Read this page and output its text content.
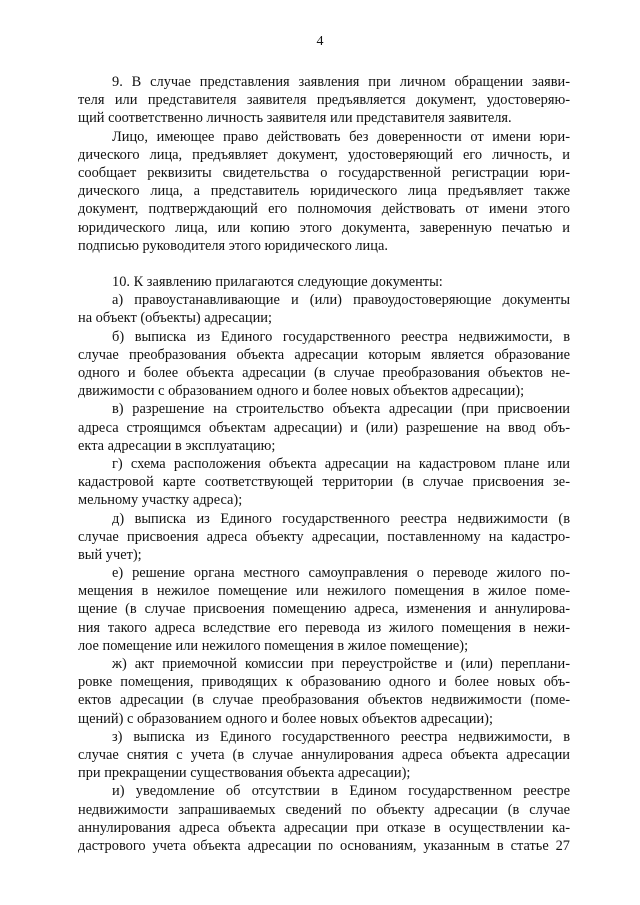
4
9. В случае представления заявления при личном обращении заяви-
теля или представителя заявителя предъявляется документ, удостоверяю-
щий соответственно личность заявителя или представителя заявителя.
Лицо, имеющее право действовать без доверенности от имени юри-
дического лица, предъявляет документ, удостоверяющий его личность, и
сообщает реквизиты свидетельства о государственной регистрации юри-
дического лица, а представитель юридического лица предъявляет также
документ, подтверждающий его полномочия действовать от имени этого
юридического лица, или копию этого документа, заверенную печатью и
подписью руководителя этого юридического лица.
10. К заявлению прилагаются следующие документы:
а) правоустанавливающие и (или) правоудостоверяющие документы
на объект (объекты) адресации;
б) выписка из Единого государственного реестра недвижимости, в
случае преобразования объекта адресации которым является образование
одного и более объекта адресации (в случае преобразования объектов не-
движимости с образованием одного и более новых объектов адресации);
в) разрешение на строительство объекта адресации (при присвоении
адреса строящимся объектам адресации) и (или) разрешение на ввод объ-
екта адресации в эксплуатацию;
г) схема расположения объекта адресации на кадастровом плане или
кадастровой карте соответствующей территории (в случае присвоения зе-
мельному участку адреса);
д) выписка из Единого государственного реестра недвижимости (в
случае присвоения адреса объекту адресации, поставленному на кадастро-
вый учет);
е) решение органа местного самоуправления о переводе жилого по-
мещения в нежилое помещение или нежилого помещения в жилое поме-
щение (в случае присвоения помещению адреса, изменения и аннулирова-
ния такого адреса вследствие его перевода из жилого помещения в нежи-
лое помещение или нежилого помещения в жилое помещение);
ж) акт приемочной комиссии при переустройстве и (или) переплани-
ровке помещения, приводящих к образованию одного и более новых объ-
ектов адресации (в случае преобразования объектов недвижимости (поме-
щений) с образованием одного и более новых объектов адресации);
з) выписка из Единого государственного реестра недвижимости, в
случае снятия с учета (в случае аннулирования адреса объекта адресации
при прекращении существования объекта адресации);
и) уведомление об отсутствии в Едином государственном реестре
недвижимости запрашиваемых сведений по объекту адресации (в случае
аннулирования адреса объекта адресации при отказе в осуществлении ка-
дастрового учета объекта адресации по основаниям, указанным в статье 27
